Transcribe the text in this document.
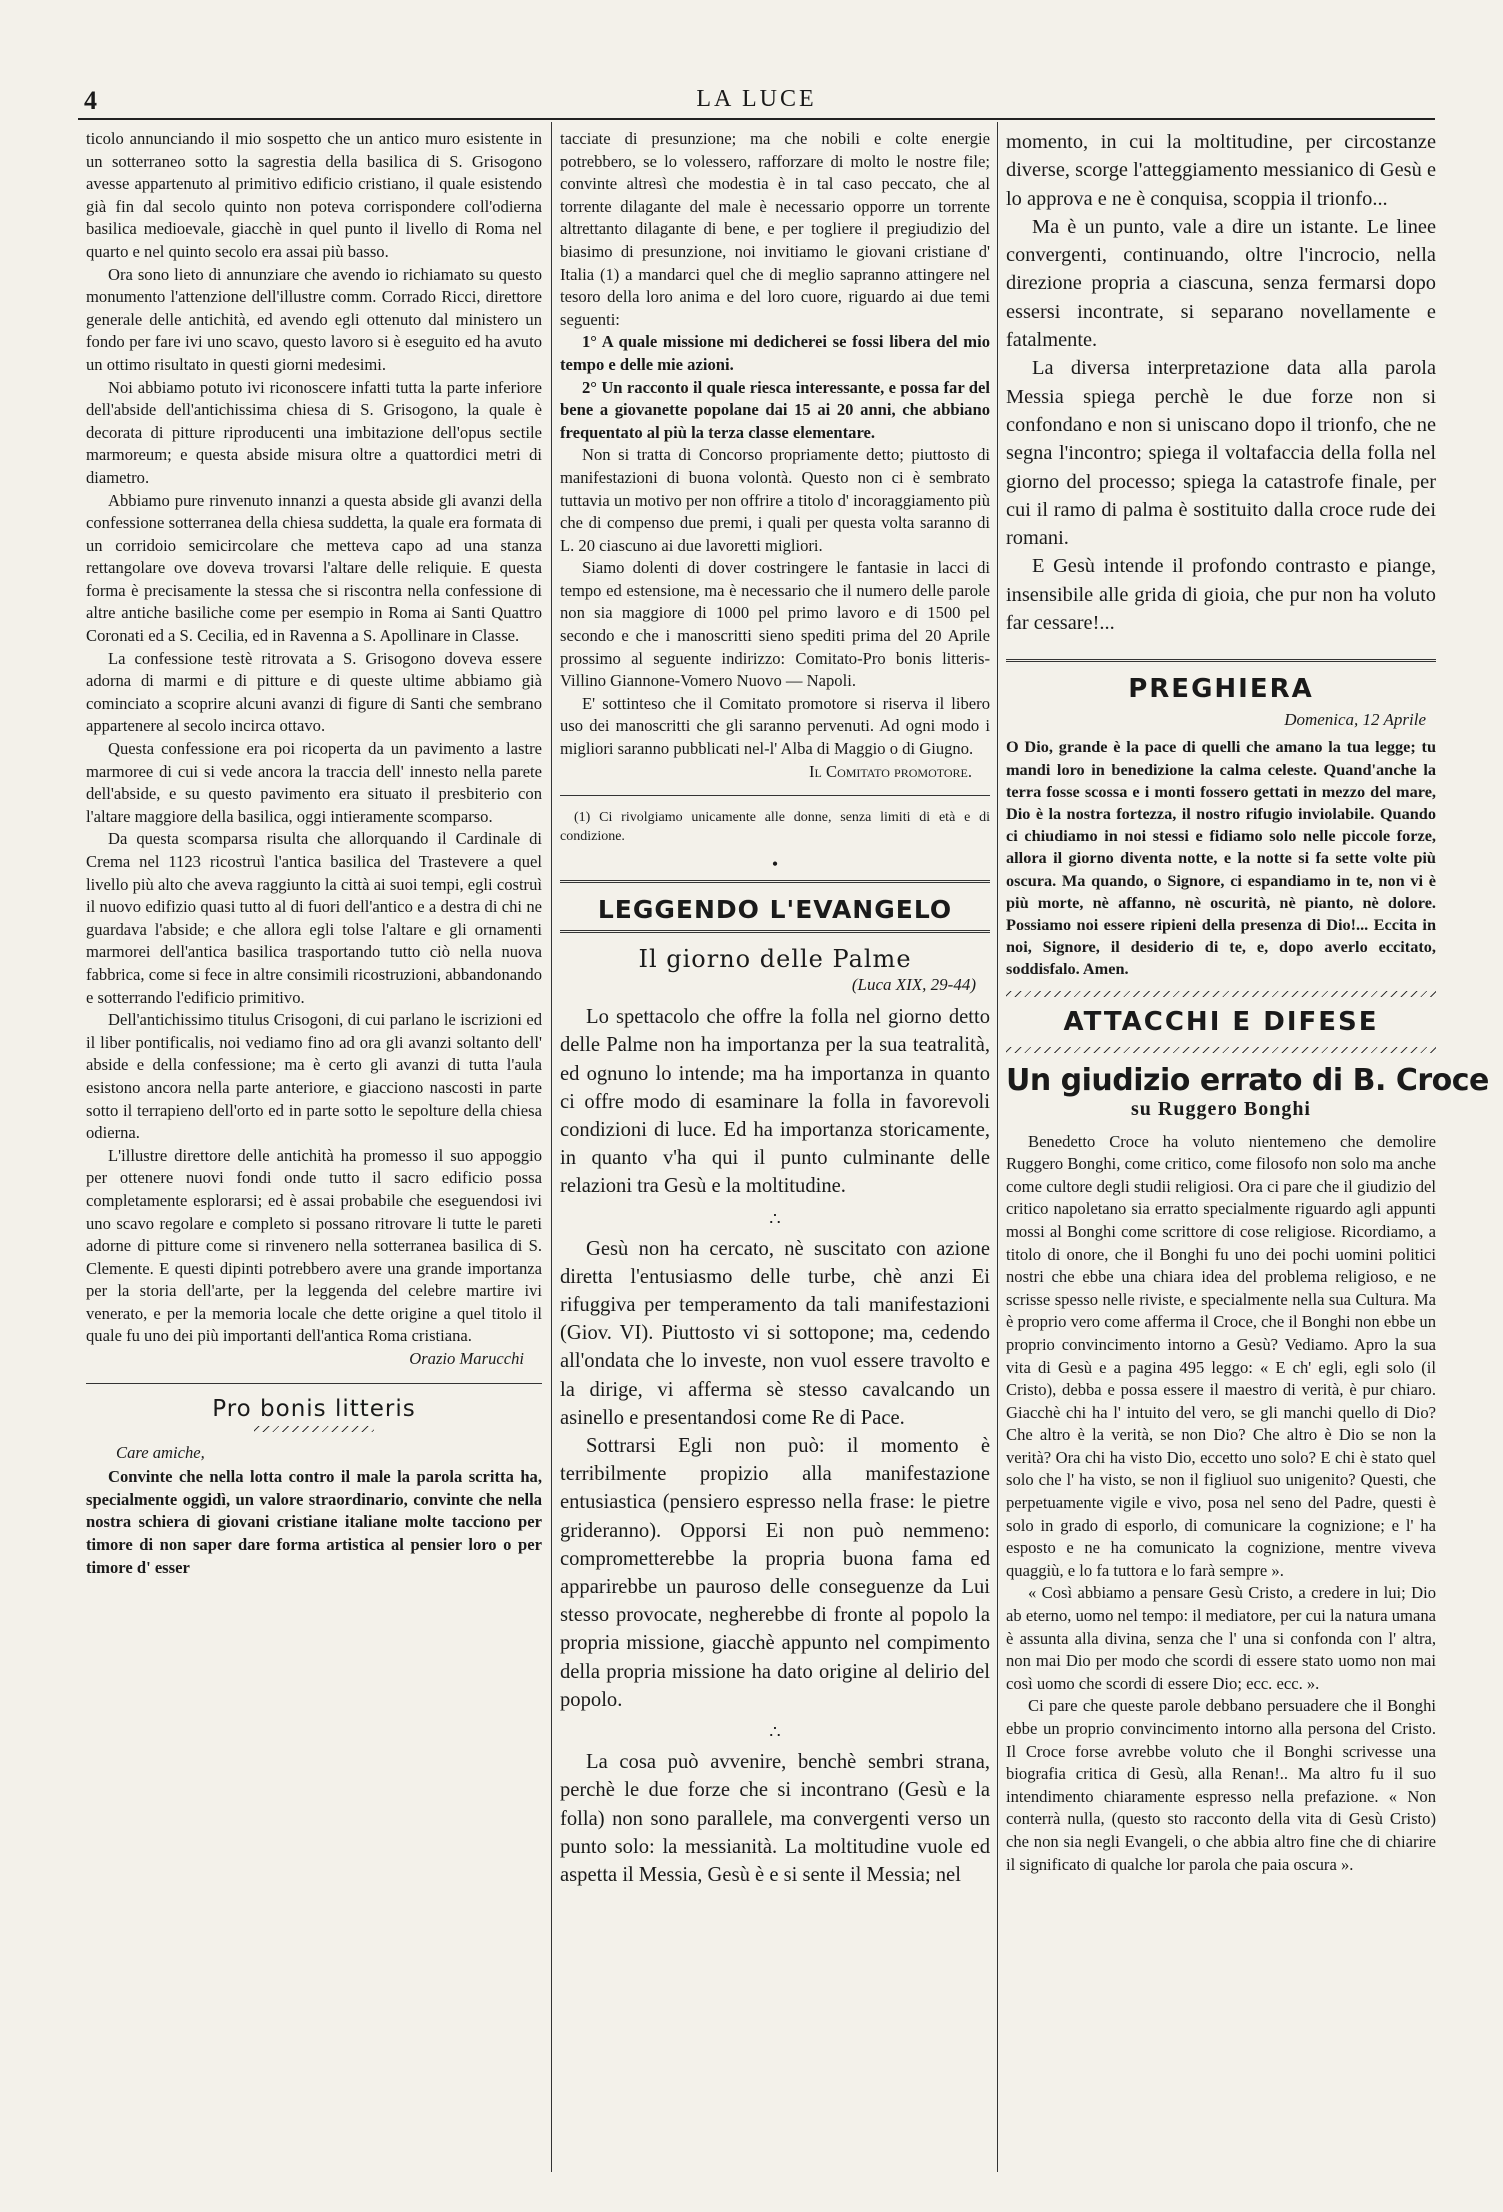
4	LA LUCE

ticolo annunciando il mio sospetto che un antico muro esistente in un sotterraneo sotto la sagrestia della basilica di S. Grisogono avesse appartenuto al primitivo edificio cristiano, il quale esistendo già fin dal secolo quinto non poteva corrispondere coll'odierna basilica medioevale, giacchè in quel punto il livello di Roma nel quarto e nel quinto secolo era assai più basso.

Ora sono lieto di annunziare che avendo io richiamato su questo monumento l'attenzione dell'illustre comm. Corrado Ricci, direttore generale delle antichità, ed avendo egli ottenuto dal ministero un fondo per fare ivi uno scavo, questo lavoro si è eseguito ed ha avuto un ottimo risultato in questi giorni medesimi.

Noi abbiamo potuto ivi riconoscere infatti tutta la parte inferiore dell'abside dell'antichissima chiesa di S. Grisogono, la quale è decorata di pitture riproducenti una imbitazione dell'opus sectile marmoreum; e questa abside misura oltre a quattordici metri di diametro.

Abbiamo pure rinvenuto innanzi a questa abside gli avanzi della confessione sotterranea della chiesa suddetta, la quale era formata di un corridoio semicircolare che metteva capo ad una stanza rettangolare ove doveva trovarsi l'altare delle reliquie. E questa forma è precisamente la stessa che si riscontra nella confessione di altre antiche basiliche come per esempio in Roma ai Santi Quattro Coronati ed a S. Cecilia, ed in Ravenna a S. Apollinare in Classe.

La confessione testè ritrovata a S. Grisogono doveva essere adorna di marmi e di pitture e di queste ultime abbiamo già cominciato a scoprire alcuni avanzi di figure di Santi che sembrano appartenere al secolo incirca ottavo.

Questa confessione era poi ricoperta da un pavimento a lastre marmoree di cui si vede ancora la traccia dell' innesto nella parete dell'abside, e su questo pavimento era situato il presbiterio con l'altare maggiore della basilica, oggi intieramente scomparso.

Da questa scomparsa risulta che allorquando il Cardinale di Crema nel 1123 ricostruì l'antica basilica del Trastevere a quel livello più alto che aveva raggiunto la città ai suoi tempi, egli costruì il nuovo edifizio quasi tutto al di fuori dell'antico e a destra di chi ne guardava l'abside; e che allora egli tolse l'altare e gli ornamenti marmorei dell'antica basilica trasportando tutto ciò nella nuova fabbrica, come si fece in altre consimili ricostruzioni, abbandonando e sotterrando l'edificio primitivo.

Dell'antichissimo titulus Crisogoni, di cui parlano le iscrizioni ed il liber pontificalis, noi vediamo fino ad ora gli avanzi soltanto dell' abside e della confessione; ma è certo gli avanzi di tutta l'aula esistono ancora nella parte anteriore, e giacciono nascosti in parte sotto il terrapieno dell'orto ed in parte sotto le sepolture della chiesa odierna.

L'illustre direttore delle antichità ha promesso il suo appoggio per ottenere nuovi fondi onde tutto il sacro edificio possa completamente esplorarsi; ed è assai probabile che eseguendosi ivi uno scavo regolare e completo si possano ritrovare li tutte le pareti adorne di pitture come si rinvenero nella sotterranea basilica di S. Clemente. E questi dipinti potrebbero avere una grande importanza per la storia dell'arte, per la leggenda del celebre martire ivi venerato, e per la memoria locale che dette origine a quel titolo il quale fu uno dei più importanti dell'antica Roma cristiana.

Orazio Marucchi

Pro bonis litteris

Care amiche,

Convinte che nella lotta contro il male la parola scritta ha, specialmente oggidì, un valore straordinario, convinte che nella nostra schiera di giovani cristiane italiane molte tacciono per timore di non saper dare forma artistica al pensier loro o per timore d' esser

tacciate di presunzione; ma che nobili e colte energie potrebbero, se lo volessero, rafforzare di molto le nostre file; convinte altresì che modestia è in tal caso peccato, che al torrente dilagante del male è necessario opporre un torrente altrettanto dilagante di bene, e per togliere il pregiudizio del biasimo di presunzione, noi invitiamo le giovani cristiane d' Italia (1) a mandarci quel che di meglio sapranno attingere nel tesoro della loro anima e del loro cuore, riguardo ai due temi seguenti:

1° A quale missione mi dedicherei se fossi libera del mio tempo e delle mie azioni.

2° Un racconto il quale riesca interessante, e possa far del bene a giovanette popolane dai 15 ai 20 anni, che abbiano frequentato al più la terza classe elementare.

Non si tratta di Concorso propriamente detto; piuttosto di manifestazioni di buona volontà. Questo non ci è sembrato tuttavia un motivo per non offrire a titolo d' incoraggiamento più che di compenso due premi, i quali per questa volta saranno di L. 20 ciascuno ai due lavoretti migliori.

Siamo dolenti di dover costringere le fantasie in lacci di tempo ed estensione, ma è necessario che il numero delle parole non sia maggiore di 1000 pel primo lavoro e di 1500 pel secondo e che i manoscritti sieno spediti prima del 20 Aprile prossimo al seguente indirizzo: Comitato-Pro bonis litteris-Villino Giannone-Vomero Nuovo — Napoli.

E' sottinteso che il Comitato promotore si riserva il libero uso dei manoscritti che gli saranno pervenuti. Ad ogni modo i migliori saranno pubblicati nel-l' Alba di Maggio o di Giugno.

Il Comitato promotore.

(1) Ci rivolgiamo unicamente alle donne, senza limiti di età e di condizione.

•
LEGGENDO L'EVANGELO
Il giorno delle Palme
(Luca XIX, 29-44)

Lo spettacolo che offre la folla nel giorno detto delle Palme non ha importanza per la sua teatralità, ed ognuno lo intende; ma ha importanza in quanto ci offre modo di esaminare la folla in favorevoli condizioni di luce. Ed ha importanza storicamente, in quanto v'ha qui il punto culminante delle relazioni tra Gesù e la moltitudine.

∴

Gesù non ha cercato, nè suscitato con azione diretta l'entusiasmo delle turbe, chè anzi Ei rifuggiva per temperamento da tali manifestazioni (Giov. VI). Piuttosto vi si sottopone; ma, cedendo all'ondata che lo investe, non vuol essere travolto e la dirige, vi afferma sè stesso cavalcando un asinello e presentandosi come Re di Pace.

Sottrarsi Egli non può: il momento è terribilmente propizio alla manifestazione entusiastica (pensiero espresso nella frase: le pietre grideranno). Opporsi Ei non può nemmeno: comprometterebbe la propria buona fama ed apparirebbe un pauroso delle conseguenze da Lui stesso provocate, negherebbe di fronte al popolo la propria missione, giacchè appunto nel compimento della propria missione ha dato origine al delirio del popolo.

∴

La cosa può avvenire, benchè sembri strana, perchè le due forze che si incontrano (Gesù e la folla) non sono parallele, ma convergenti verso un punto solo: la messianità. La moltitudine vuole ed aspetta il Messia, Gesù è e si sente il Messia; nel

momento, in cui la moltitudine, per circostanze diverse, scorge l'atteggiamento messianico di Gesù e lo approva e ne è conquisa, scoppia il trionfo...

Ma è un punto, vale a dire un istante. Le linee convergenti, continuando, oltre l'incrocio, nella direzione propria a ciascuna, senza fermarsi dopo essersi incontrate, si separano novellamente e fatalmente.

La diversa interpretazione data alla parola Messia spiega perchè le due forze non si confondano e non si uniscano dopo il trionfo, che ne segna l'incontro; spiega il voltafaccia della folla nel giorno del processo; spiega la catastrofe finale, per cui il ramo di palma è sostituito dalla croce rude dei romani.

E Gesù intende il profondo contrasto e piange, insensibile alle grida di gioia, che pur non ha voluto far cessare!...

PREGHIERA
Domenica, 12 Aprile

O Dio, grande è la pace di quelli che amano la tua legge; tu mandi loro in benedizione la calma celeste. Quand'anche la terra fosse scossa e i monti fossero gettati in mezzo del mare, Dio è la nostra fortezza, il nostro rifugio inviolabile. Quando ci chiudiamo in noi stessi e fidiamo solo nelle piccole forze, allora il giorno diventa notte, e la notte si fa sette volte più oscura. Ma quando, o Signore, ci espandiamo in te, non vi è più morte, nè affanno, nè oscurità, nè pianto, nè dolore. Possiamo noi essere ripieni della presenza di Dio!... Eccita in noi, Signore, il desiderio di te, e, dopo averlo eccitato, soddisfalo. Amen.

ATTACCHI E DIFESE
Un giudizio errato di B. Croce
su Ruggero Bonghi

Benedetto Croce ha voluto nientemeno che demolire Ruggero Bonghi, come critico, come filosofo non solo ma anche come cultore degli studii religiosi. Ora ci pare che il giudizio del critico napoletano sia erratto specialmente riguardo agli appunti mossi al Bonghi come scrittore di cose religiose. Ricordiamo, a titolo di onore, che il Bonghi fu uno dei pochi uomini politici nostri che ebbe una chiara idea del problema religioso, e ne scrisse spesso nelle riviste, e specialmente nella sua Cultura. Ma è proprio vero come afferma il Croce, che il Bonghi non ebbe un proprio convincimento intorno a Gesù? Vediamo. Apro la sua vita di Gesù e a pagina 495 leggo: « E ch' egli, egli solo (il Cristo), debba e possa essere il maestro di verità, è pur chiaro. Giacchè chi ha l' intuito del vero, se gli manchi quello di Dio? Che altro è la verità, se non Dio? Che altro è Dio se non la verità? Ora chi ha visto Dio, eccetto uno solo? E chi è stato quel solo che l' ha visto, se non il figliuol suo unigenito? Questi, che perpetuamente vigile e vivo, posa nel seno del Padre, questi è solo in grado di esporlo, di comunicare la cognizione; e l' ha esposto e ne ha comunicato la cognizione, mentre viveva quaggiù, e lo fa tuttora e lo farà sempre ».

« Così abbiamo a pensare Gesù Cristo, a credere in lui; Dio ab eterno, uomo nel tempo: il mediatore, per cui la natura umana è assunta alla divina, senza che l' una si confonda con l' altra, non mai Dio per modo che scordi di essere stato uomo non mai così uomo che scordi di essere Dio; ecc. ecc. ».

Ci pare che queste parole debbano persuadere che il Bonghi ebbe un proprio convincimento intorno alla persona del Cristo. Il Croce forse avrebbe voluto che il Bonghi scrivesse una biografia critica di Gesù, alla Renan!.. Ma altro fu il suo intendimento chiaramente espresso nella prefazione. « Non conterrà nulla, (questo sto racconto della vita di Gesù Cristo) che non sia negli Evangeli, o che abbia altro fine che di chiarire il significato di qualche lor parola che paia oscura ».
